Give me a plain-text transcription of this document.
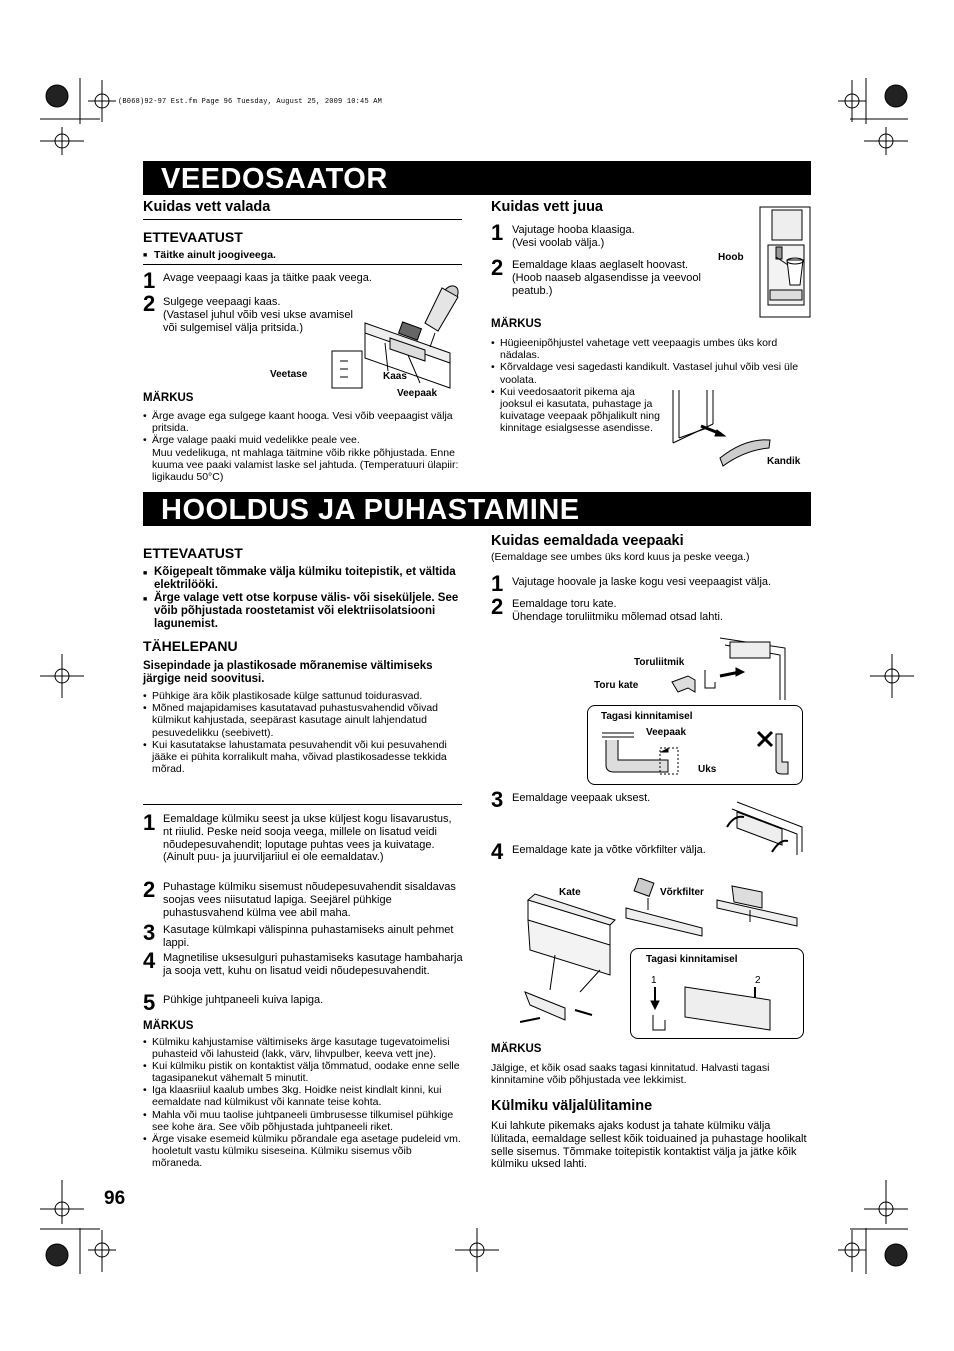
(B068)92-97 Est.fm Page 96 Tuesday, August 25, 2009 10:45 AM
VEEDOSAATOR
Kuidas vett valada
ETTEVAATUST
■ Täitke ainult joogiveega.
1 Avage veepaagi kaas ja täitke paak veega.
2 Sulgege veepaagi kaas.
(Vastasel juhul võib vesi ukse avamisel või sulgemisel välja pritsida.)
Veetase	Kaas
Veepaak
MÄRKUS
• Ärge avage ega sulgege kaant hooga. Vesi võib veepaagist välja pritsida.
• Ärge valage paaki muid vedelikke peale vee.
Muu vedelikuga, nt mahlaga täitmine võib rikke põhjustada. Enne kuuma vee paaki valamist laske sel jahtuda. (Temperatuuri ülapiir: ligikaudu 50°C)
Kuidas vett juua
1 Vajutage hooba klaasiga.
(Vesi voolab välja.)
2 Eemaldage klaas aeglaselt hoovast. (Hoob naaseb algasendisse ja veevool peatub.)
Hoob
MÄRKUS
• Hügieenipõhjustel vahetage vett veepaagis umbes üks kord nädalas.
• Kõrvaldage vesi sagedasti kandikult. Vastasel juhul võib vesi üle voolata.
• Kui veedosaatorit pikema aja jooksul ei kasutata, puhastage ja kuivatage veepaak põhjalikult ning kinnitage esialgsesse asendisse.
Kandik
HOOLDUS JA PUHASTAMINE
ETTEVAATUST
■ Kõigepealt tõmmake välja külmiku toitepistik, et vältida elektrilööki.
■ Ärge valage vett otse korpuse välis- või siseküljele. See võib põhjustada roostetamist või elektriisolatsiooni lagunemist.
TÄHELEPANU
Sisepindade ja plastikosade mõranemise vältimiseks järgige neid soovitusi.
• Pühkige ära kõik plastikosade külge sattunud toidurasvad.
• Mõned majapidamises kasutatavad puhastusvahendid võivad külmikut kahjustada, seepärast kasutage ainult lahjendatud pesuvedelikku (seebivett).
• Kui kasutatakse lahustamata pesuvahendit või kui pesuvahendi jääke ei pühita korralikult maha, võivad plastikosadesse tekkida mõrad.
1 Eemaldage külmiku seest ja ukse küljest kogu lisavarustus, nt riiulid. Peske neid sooja veega, millele on lisatud veidi nõudepesuvahendit; loputage puhtas vees ja kuivatage.
(Ainult puu- ja juurviljariiul ei ole eemaldatav.)
2 Puhastage külmiku sisemust nõudepesuvahendit sisaldavas soojas vees niisutatud lapiga. Seejärel pühkige puhastusvahend külma vee abil maha.
3 Kasutage külmkapi välispinna puhastamiseks ainult pehmet lappi.
4 Magnetilise uksesulguri puhastamiseks kasutage hambaharja ja sooja vett, kuhu on lisatud veidi nõudepesuvahendit.
5 Pühkige juhtpaneeli kuiva lapiga.
MÄRKUS
• Külmiku kahjustamise vältimiseks ärge kasutage tugevatoimelisi puhasteid või lahusteid (lakk, värv, lihvpulber, keeva vett jne).
• Kui külmiku pistik on kontaktist välja tõmmatud, oodake enne selle tagasipanekut vähemalt 5 minutit.
• Iga klaasriiul kaalub umbes 3kg. Hoidke neist kindlalt kinni, kui eemaldate nad külmikust või kannate teise kohta.
• Mahla või muu taolise juhtpaneeli ümbrusesse tilkumisel pühkige see kohe ära. See võib põhjustada juhtpaneeli riket.
• Ärge visake esemeid külmiku põrandale ega asetage pudeleid vm. hooletult vastu külmiku siseseina. Külmiku sisemus võib mõraneda.
Kuidas eemaldada veepaaki
(Eemaldage see umbes üks kord kuus ja peske veega.)
1 Vajutage hoovale ja laske kogu vesi veepaagist välja.
2 Eemaldage toru kate.
Ühendage toruliitmiku mõlemad otsad lahti.
Toruliitmik
Toru kate
Tagasi kinnitamisel
Veepaak
Uks
3 Eemaldage veepaak uksest.
4 Eemaldage kate ja võtke võrkfilter välja.
Kate	Võrkfilter
Tagasi kinnitamisel
1	2
MÄRKUS
Jälgige, et kõik osad saaks tagasi kinnitatud. Halvasti tagasi kinnitamine võib põhjustada vee lekkimist.
Külmiku väljalülitamine
Kui lahkute pikemaks ajaks kodust ja tahate külmiku välja lülitada, eemaldage sellest kõik toiduained ja puhastage hoolikalt selle sisemus. Tõmmake toitepistik kontaktist välja ja jätke kõik külmiku uksed lahti.
96
